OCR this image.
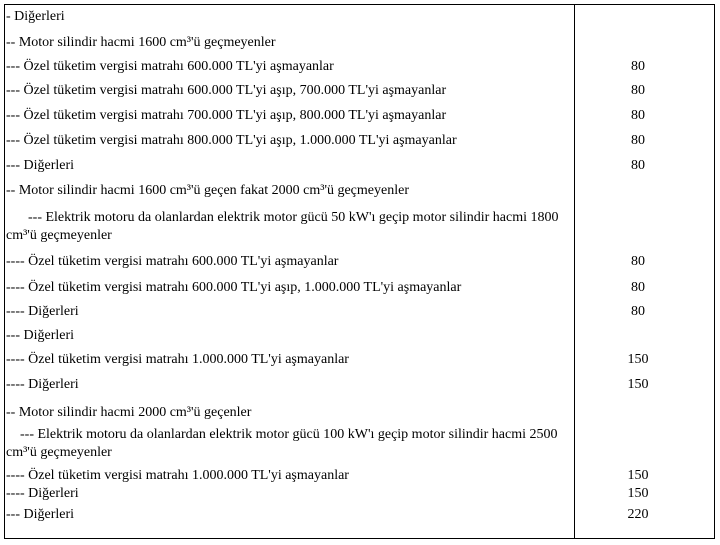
- Diğerleri
-- Motor silindir hacmi 1600 cm³'ü geçmeyenler
--- Özel tüketim vergisi matrahı 600.000 TL'yi aşmayanlar	80
--- Özel tüketim vergisi matrahı 600.000 TL'yi aşıp, 700.000 TL'yi aşmayanlar	80
--- Özel tüketim vergisi matrahı 700.000 TL'yi aşıp, 800.000 TL'yi aşmayanlar	80
--- Özel tüketim vergisi matrahı 800.000 TL'yi aşıp, 1.000.000 TL'yi aşmayanlar	80
--- Diğerleri	80
-- Motor silindir hacmi 1600 cm³'ü geçen fakat 2000 cm³'ü geçmeyenler
--- Elektrik motoru da olanlardan elektrik motor gücü 50 kW'ı geçip motor silindir hacmi 1800 cm³'ü geçmeyenler
---- Özel tüketim vergisi matrahı 600.000 TL'yi aşmayanlar	80
---- Özel tüketim vergisi matrahı 600.000 TL'yi aşıp, 1.000.000 TL'yi aşmayanlar	80
---- Diğerleri	80
--- Diğerleri
---- Özel tüketim vergisi matrahı 1.000.000 TL'yi aşmayanlar	150
---- Diğerleri	150
-- Motor silindir hacmi 2000 cm³'ü geçenler
--- Elektrik motoru da olanlardan elektrik motor gücü 100 kW'ı geçip motor silindir hacmi 2500 cm³'ü geçmeyenler
---- Özel tüketim vergisi matrahı 1.000.000 TL'yi aşmayanlar	150
---- Diğerleri	150
--- Diğerleri	220
